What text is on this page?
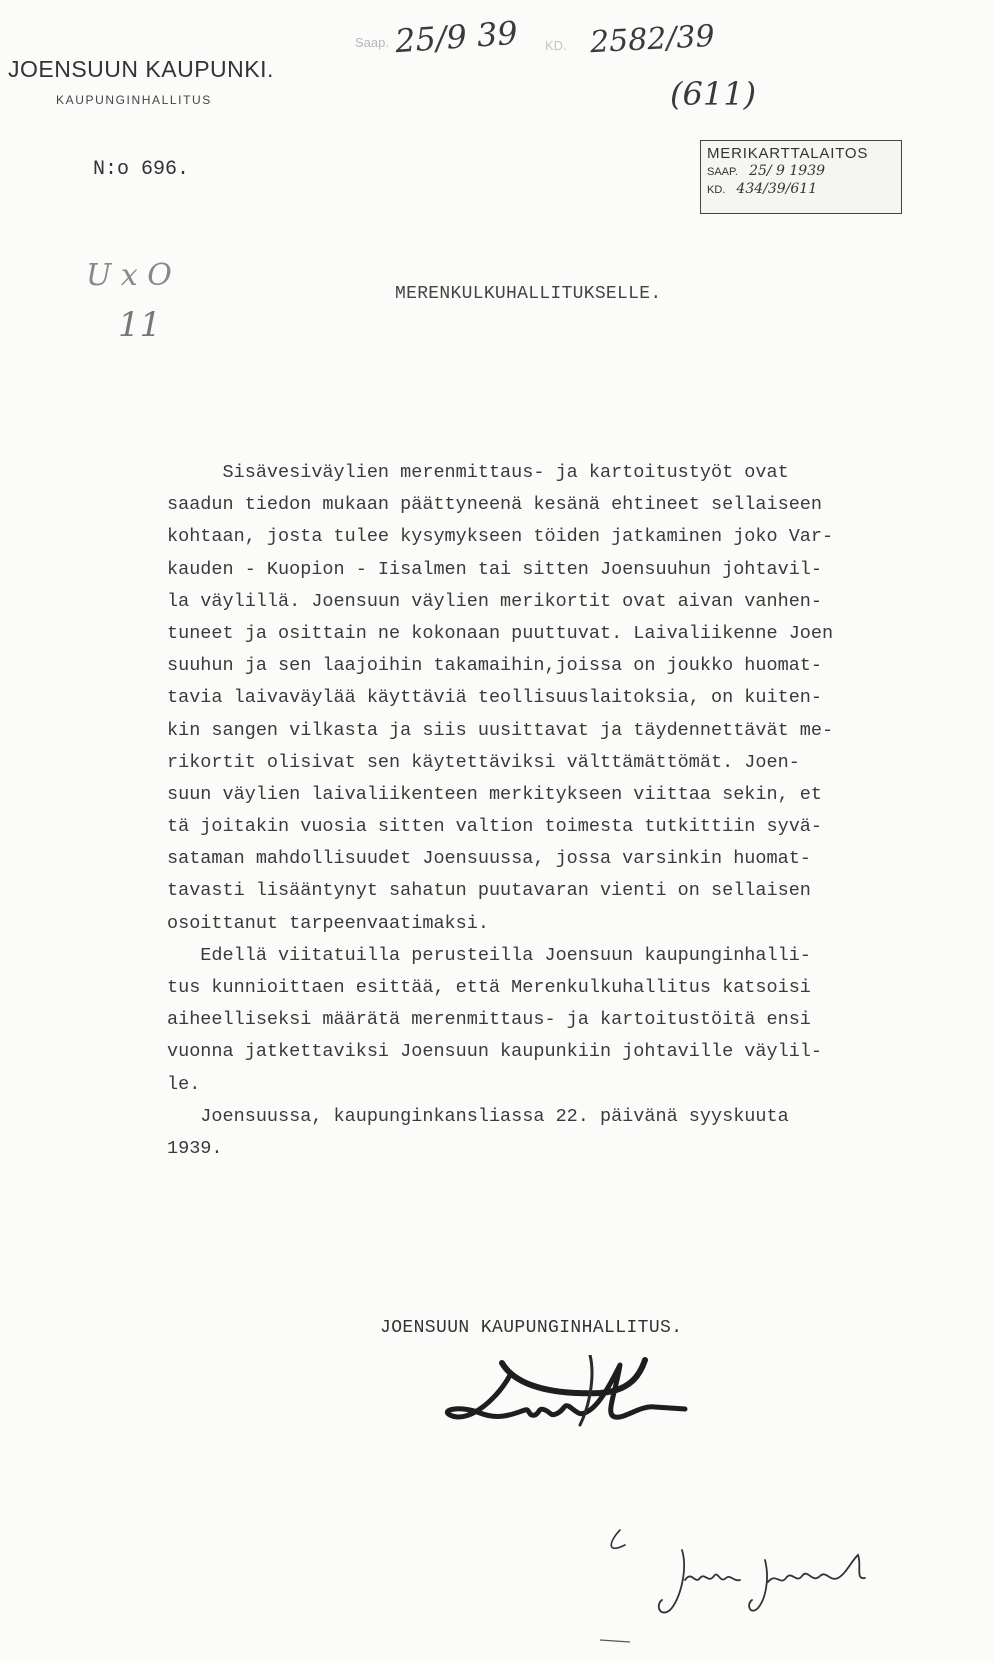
JOENSUUN KAUPUNKI.
KAUPUNGINHALLITUS
N:o 696.
Saap. 25/9 39 KD. 2582/39
(611)
U x O
11
MERIKARTTALAITOS
SAAP. 25/ 9 1939
KD. 434/39/611
MERENKULKUHALLITUKSELLE.
Sisävesiväylien merenmittaus- ja kartoitustyöt ovat
saadun tiedon mukaan päättyneenä kesänä ehtineet sellaiseen
kohtaan, josta tulee kysymykseen töiden jatkaminen joko Var-
kauden - Kuopion - Iisalmen tai sitten Joensuuhun johtavil-
la väylillä. Joensuun väylien merikortit ovat aivan vanhen-
tuneet ja osittain ne kokonaan puuttuvat. Laivaliikenne Joen
suuhun ja sen laajoihin takamaihin,joissa on joukko huomat-
tavia laivaväylää käyttäviä teollisuuslaitoksia, on kuiten-
kin sangen vilkasta ja siis uusittavat ja täydennettävät me-
rikortit olisivat sen käytettäviksi välttämättömät. Joen-
suun väylien laivaliikenteen merkitykseen viittaa sekin, et
tä joitakin vuosia sitten valtion toimesta tutkittiin syvä-
sataman mahdollisuudet Joensuussa, jossa varsinkin huomat-
tavasti lisääntynyt sahatun puutavaran vienti on sellaisen
osoittanut tarpeenvaatimaksi.
Edellä viitatuilla perusteilla Joensuun kaupunginhalli-
tus kunnioittaen esittää, että Merenkulkuhallitus katsoisi
aiheelliseksi määrätä merenmittaus- ja kartoitustöitä ensi
vuonna jatkettaviksi Joensuun kaupunkiin johtaville väylil-
le.
Joensuussa, kaupunginkansliassa 22. päivänä syyskuuta
1939.
JOENSUUN KAUPUNGINHALLITUS.
